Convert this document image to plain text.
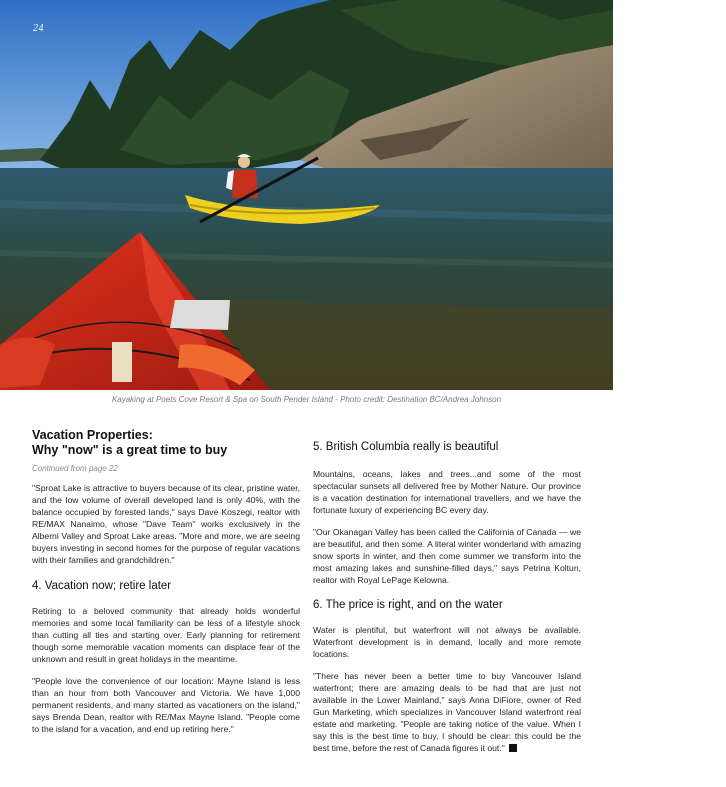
24
Kayaking at Poets Cove Resort & Spa on South Pender Island - Photo credit: Destination BC/Andrea Johnson
Vacation Properties:
Why "now" is a great time to buy
Continued from page 22

"Sproat Lake is attractive to buyers because of its clear, pristine water, and the low volume of overall developed land is only 40%, with the balance occupied by forested lands," says Dave Koszegi, realtor with RE/MAX Nanaimo, whose "Dave Team" works exclusively in the Alberni Valley and Sproat Lake areas. "More and more, we are seeing buyers investing in second homes for the purpose of regular vacations with their families and grandchildren."

4. Vacation now; retire later

Retiring to a beloved community that already holds wonderful memories and some local familiarity can be less of a lifestyle shock than cutting all ties and starting over. Early planning for retirement though some memorable vacation moments can displace fear of the unknown and result in great holidays in the meantime.

"People love the convenience of our location: Mayne Island is less than an hour from both Vancouver and Victoria. We have 1,000 permanent residents, and many started as vacationers on the island," says Brenda Dean, realtor with RE/Max Mayne Island. "People come to the island for a vacation, and end up retiring here."

5. British Columbia really is beautiful

Mountains, oceans, lakes and trees...and some of the most spectacular sunsets all delivered free by Mother Nature. Our province is a vacation destination for international travellers, and we have the fortunate luxury of experiencing BC every day.

"Our Okanagan Valley has been called the California of Canada — we are beautiful, and then some. A literal winter wonderland with amazing snow sports in winter, and then come summer we transform into the most amazing lakes and sunshine-filled days," says Petrina Koltun, realtor with Royal LePage Kelowna.

6. The price is right, and on the water

Water is plentiful, but waterfront will not always be available. Waterfront development is in demand, locally and more remote locations.

"There has never been a better time to buy Vancouver Island waterfront; there are amazing deals to be had that are just not available in the Lower Mainland," says Anna DiFiore, owner of Red Gun Marketing, which specializes in Vancouver Island waterfront real estate and marketing. "People are taking notice of the value. When I say this is the best time to buy, I should be clear: this could be the best time, before the rest of Canada figures it out."
